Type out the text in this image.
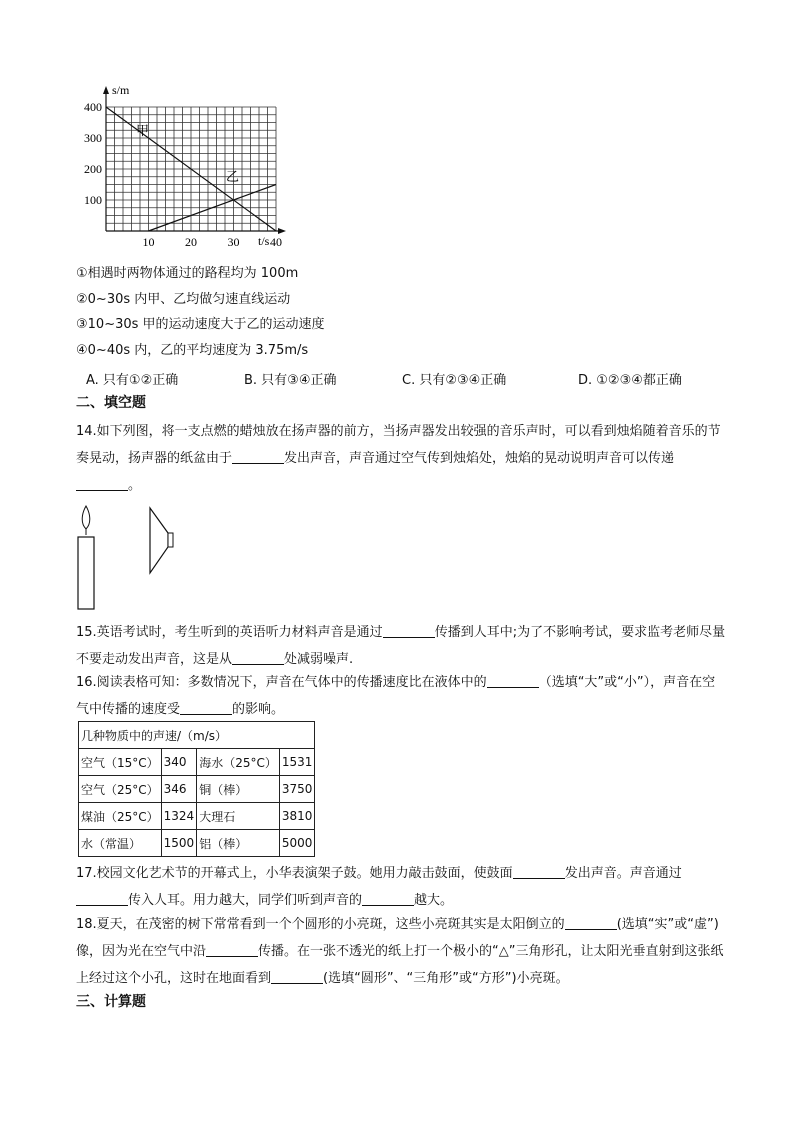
s/m
t/s
400
300
200
100
10	20	30	40
甲
乙
①相遇时两物体通过的路程均为 100m
②0~30s 内甲、乙均做匀速直线运动
③10~30s 甲的运动速度大于乙的运动速度
④0~40s 内，乙的平均速度为 3.75m/s
A. 只有①②正确	B. 只有③④正确	C. 只有②③④正确	D. ①②③④都正确
二、填空题
14.如下列图，将一支点燃的蜡烛放在扬声器的前方，当扬声器发出较强的音乐声时，可以看到烛焰随着音乐的节奏晃动，扬声器的纸盆由于	发出声音，声音通过空气传到烛焰处，烛焰的晃动说明声音可以传递。
15.英语考试时，考生听到的英语听力材料声音是通过	传播到人耳中;为了不影响考试，要求监考老师尽量不要走动发出声音，这是从	处减弱噪声.
16.阅读表格可知：多数情况下，声音在气体中的传播速度比在液体中的	（选填“大”或“小”），声音在空气中传播的速度受	的影响。
几种物质中的声速/（m/s）			
空气（15°C）	340	海水（25°C）	1531
空气（25°C）	346	铜（棒）	3750
煤油（25°C）	1324	大理石	3810
水（常温）	1500	铝（棒）	5000
17.校园文化艺术节的开幕式上，小华表演架子鼓。她用力敲击鼓面，使鼓面	发出声音。声音通过传入人耳。用力越大，同学们听到声音的	越大。
18.夏天，在茂密的树下常常看到一个个圆形的小亮斑，这些小亮斑其实是太阳倒立的	(选填“实”或“虚”)像，因为光在空气中沿	传播。在一张不透光的纸上打一个极小的“△”三角形孔，让太阳光垂直射到这张纸上经过这个小孔，这时在地面看到	(选填“圆形”、“三角形”或“方形”)小亮斑。
三、计算题
